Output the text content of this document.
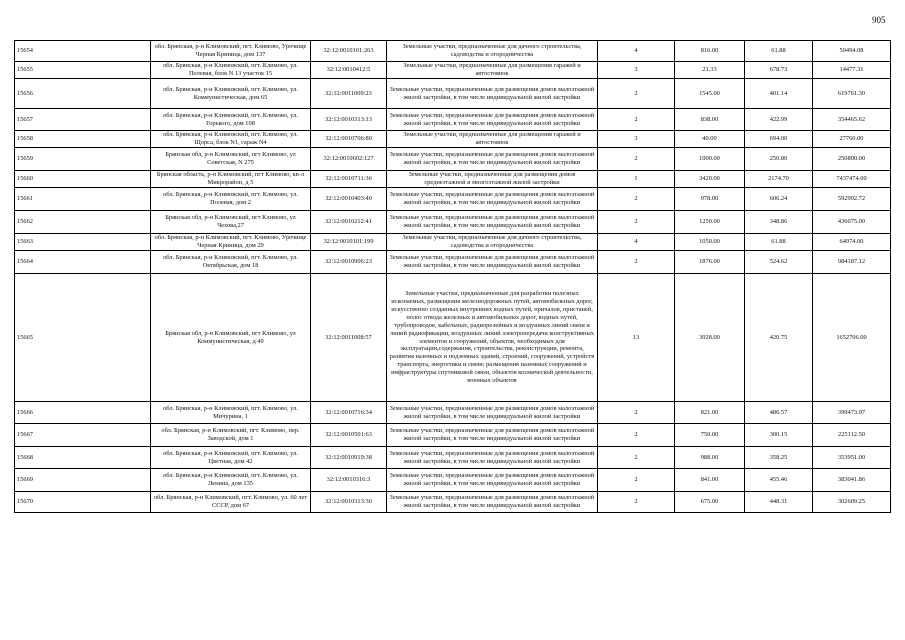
905
15654	обл. Брянская, р-н Климовский, пгт. Климово, Урочище Черная Криница, дом 137	32:12:0010101:263	Земельные участки, предназначенные для дачного строительства, садоводства и огородничества	4	816.00	61.88	50494.08
15655	обл. Брянская, р-н Климовский, пгт. Климово, ул. Полевая, блок N 13 участок 15	32:12:0010412:5	Земельные участки, предназначенные для размещения гаражей и автостоянок	3	21.33	678.73	14477.31
15656	обл. Брянская, р-н Климовский, пгт. Климово, ул. Коммунистическая, дом 65	32:12:0011009:23	Земельные участки, предназначенные для размещения домов малоэтажной жилой застройки, в том числе индивидуальной жилой застройки	2	1545.00	401.14	619761.30
15657	обл. Брянская, р-н Климовский, пгт. Климово, ул. Горького, дом 108	32:12:0010313:13	Земельные участки, предназначенные для размещения домов малоэтажной жилой застройки, в том числе индивидуальной жилой застройки	2	838.00	422.99	354465.62
15658	обл. Брянская, р-н Климовский, пгт. Климово, ул. Щорса, блок N1, гараж N4	32:12:0010706:80	Земельные участки, предназначенные для размещения гаражей и автостоянок	3	40.00	694.00	27760.00
15659	Брянская обл, р-н Климовский, пгт Климово, ул Советская, N 275	32:12:0010602:127	Земельные участки, предназначенные для размещения домов малоэтажной жилой застройки, в том числе индивидуальной жилой застройки	2	1000.00	250.80	250800.00
15660	Брянская область, р-н Климовский, пгт Климово, кв-л Микрорайон, д 5	32:12:0010711:36	Земельные участки, предназначенные для размещения домов среднеэтажной и многоэтажной жилой застройки	1	3420.00	2174.70	7437474.00
15661	обл. Брянская, р-н Климовский, пгт. Климово, ул. Полевая, дом 2	32:12:0010403:40	Земельные участки, предназначенные для размещения домов малоэтажной жилой застройки, в том числе индивидуальной жилой застройки	2	978.00	606.24	592902.72
15662	Брянская обл, р-н Климовский, пгт Климово, ул Чехова,27	32:12:0010212:41	Земельные участки, предназначенные для размещения домов малоэтажной жилой застройки, в том числе индивидуальной жилой застройки	2	1250.00	348.86	436075.00
15663	обл. Брянская, р-н Климовский, пгт. Климово, Урочище Черная Криница, дом 29	32:12:0010101:199	Земельные участки, предназначенные для дачного строительства, садоводства и огородничества	4	1050.00	61.88	64974.00
15664	обл. Брянская, р-н Климовский, пгт. Климово, ул. Октябрьская, дом 18	32:12:0010906:23	Земельные участки, предназначенные для размещения домов малоэтажной жилой застройки, в том числе индивидуальной жилой застройки	2	1876.00	524.62	984187.12
15665	Брянская обл, р-н Климовский, пгт Климово, ул Коммунистическая, д 49	32:12:0011008:57	Земельные участки, предназначенные для разработки полезных ископаемых, размещения железнодорожных путей, автомобильных дорог, искусственно созданных внутренних водных путей, причалов, пристаней, полос отвода железных и автомобильных дорог, водных путей, трубопроводов, кабельных, радиорелейных и воздушных линий связи и линий радиофикации, воздушных линий электропередачи конструктивных элементов и сооружений, объектов, необходимых для эксплуатации,содержания, строительства, реконструкции, ремонта, развития наземных и подземных зданий, строений, сооружений, устройств транспорта, энергетики и связи; размещения наземных сооружений и инфраструктуры спутниковой связи, объектов космической деятельности, военных объектов	13	3928.00	420.75	1652706.00
15666	обл. Брянская, р-н Климовский, пгт. Климово, ул. Мичурина, 1	32:12:0010716:34	Земельные участки, предназначенные для размещения домов малоэтажной жилой застройки, в том числе индивидуальной жилой застройки	2	821.00	486.57	399473.97
15667	обл. Брянская, р-н Климовский, пгт. Климово, пер. Заводской, дом 1	32:12:0010501:63	Земельные участки, предназначенные для размещения домов малоэтажной жилой застройки, в том числе индивидуальной жилой застройки	2	750.00	300.15	225112.50
15668	обл. Брянская, р-н Климовский, пгт. Климово, ул. Цветная, дом 42	32:12:0010919:38	Земельные участки, предназначенные для размещения домов малоэтажной жилой застройки, в том числе индивидуальной жилой застройки	2	988.00	358.25	353951.00
15669	обл. Брянская, р-н Климовский, пгт. Климово, ул. Ленина, дом 135	32:12:0010316:3	Земельные участки, предназначенные для размещения домов малоэтажной жилой застройки, в том числе индивидуальной жилой застройки	2	841.00	455.46	383041.86
15670	обл. Брянская, р-н Климовский, пгт. Климово, ул. 60 лет СССР, дом 67	32:12:0010313:30	Земельные участки, предназначенные для размещения домов малоэтажной жилой застройки, в том числе индивидуальной жилой застройки	2	675.00	448.31	302609.25
